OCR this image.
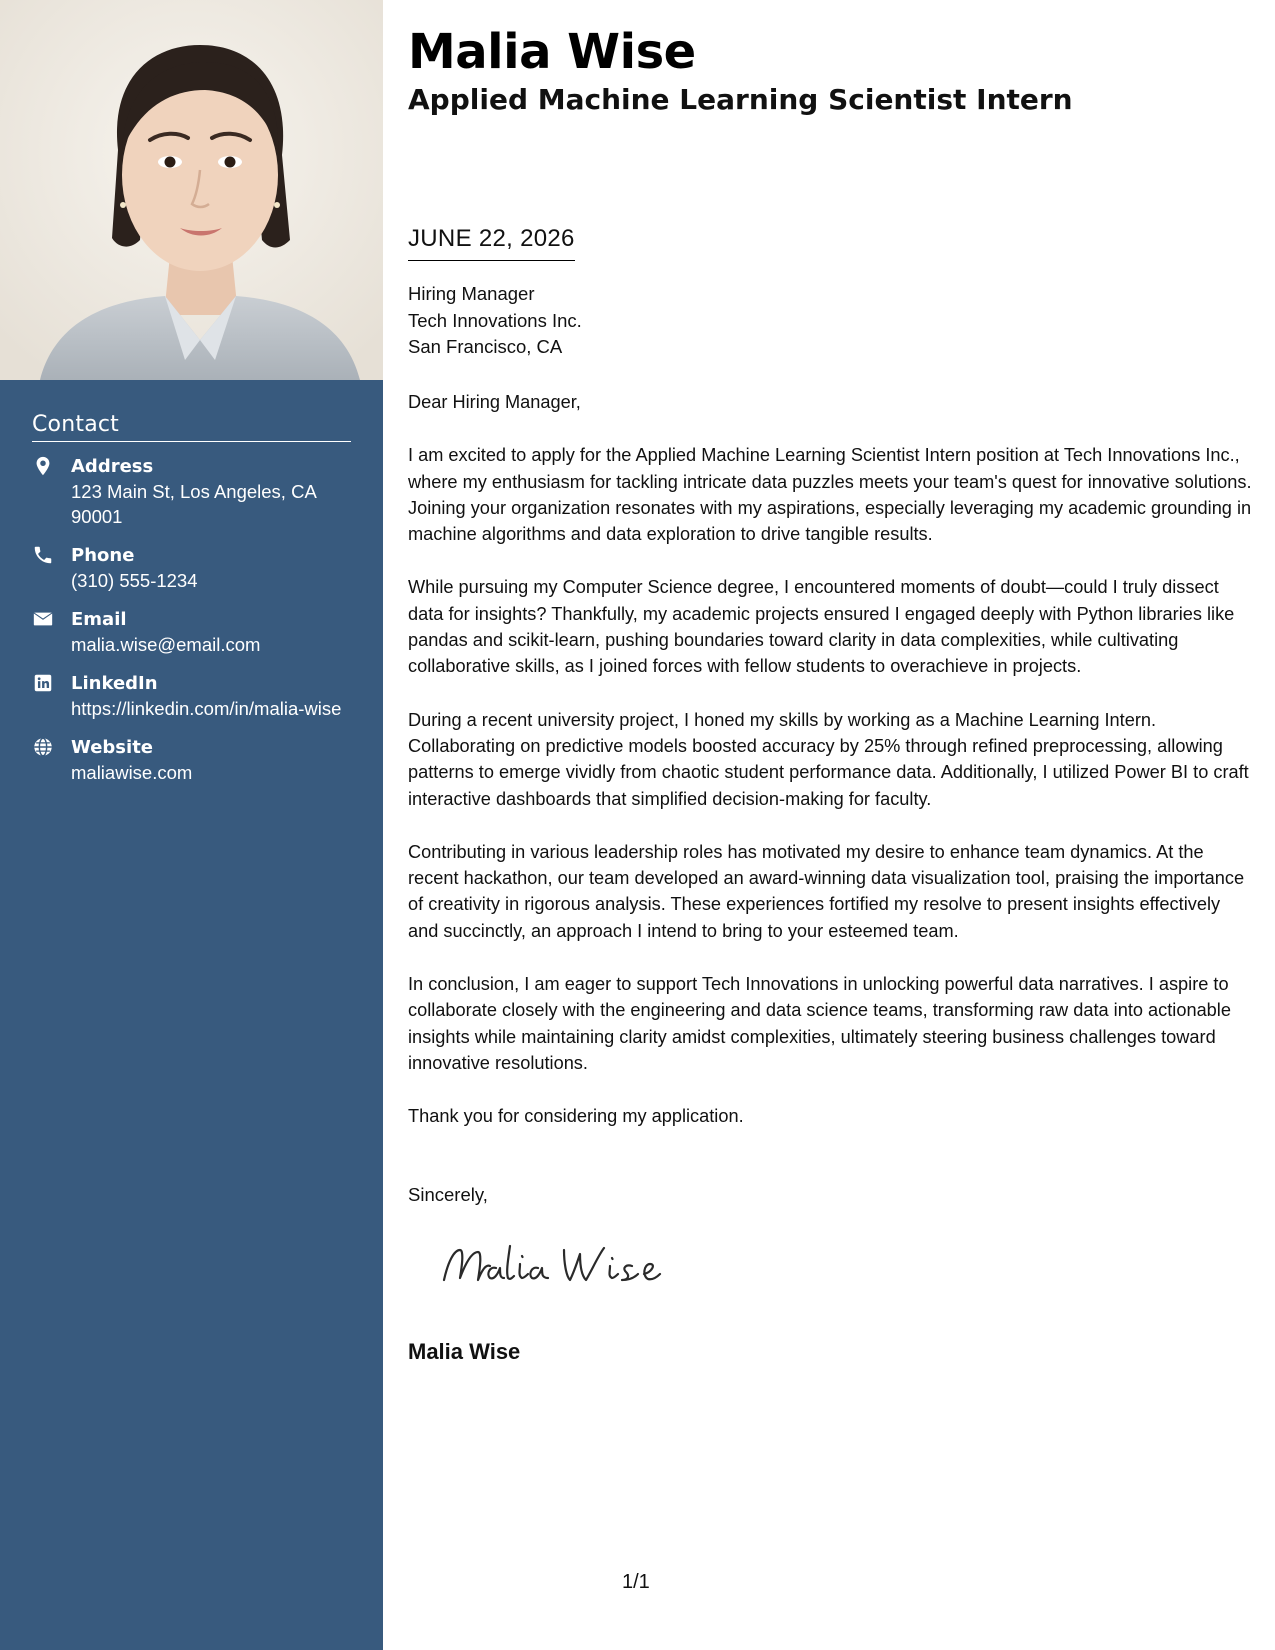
Contact
Address
123 Main St, Los Angeles, CA 90001
Phone
(310) 555-1234
Email
malia.wise@email.com
LinkedIn
https://linkedin.com/in/malia-wise
Website
maliawise.com
Malia Wise
Applied Machine Learning Scientist Intern
JUNE 22, 2026
Hiring Manager
Tech Innovations Inc.
San Francisco, CA

Dear Hiring Manager,

I am excited to apply for the Applied Machine Learning Scientist Intern position at Tech Innovations Inc., where my enthusiasm for tackling intricate data puzzles meets your team's quest for innovative solutions. Joining your organization resonates with my aspirations, especially leveraging my academic grounding in machine algorithms and data exploration to drive tangible results.

While pursuing my Computer Science degree, I encountered moments of doubt—could I truly dissect data for insights? Thankfully, my academic projects ensured I engaged deeply with Python libraries like pandas and scikit-learn, pushing boundaries toward clarity in data complexities, while cultivating collaborative skills, as I joined forces with fellow students to overachieve in projects.

During a recent university project, I honed my skills by working as a Machine Learning Intern. Collaborating on predictive models boosted accuracy by 25% through refined preprocessing, allowing patterns to emerge vividly from chaotic student performance data. Additionally, I utilized Power BI to craft interactive dashboards that simplified decision-making for faculty.

Contributing in various leadership roles has motivated my desire to enhance team dynamics. At the recent hackathon, our team developed an award-winning data visualization tool, praising the importance of creativity in rigorous analysis. These experiences fortified my resolve to present insights effectively and succinctly, an approach I intend to bring to your esteemed team.

In conclusion, I am eager to support Tech Innovations in unlocking powerful data narratives. I aspire to collaborate closely with the engineering and data science teams, transforming raw data into actionable insights while maintaining clarity amidst complexities, ultimately steering business challenges toward innovative resolutions.

Thank you for considering my application.

Sincerely,
Malia Wise
1/1
